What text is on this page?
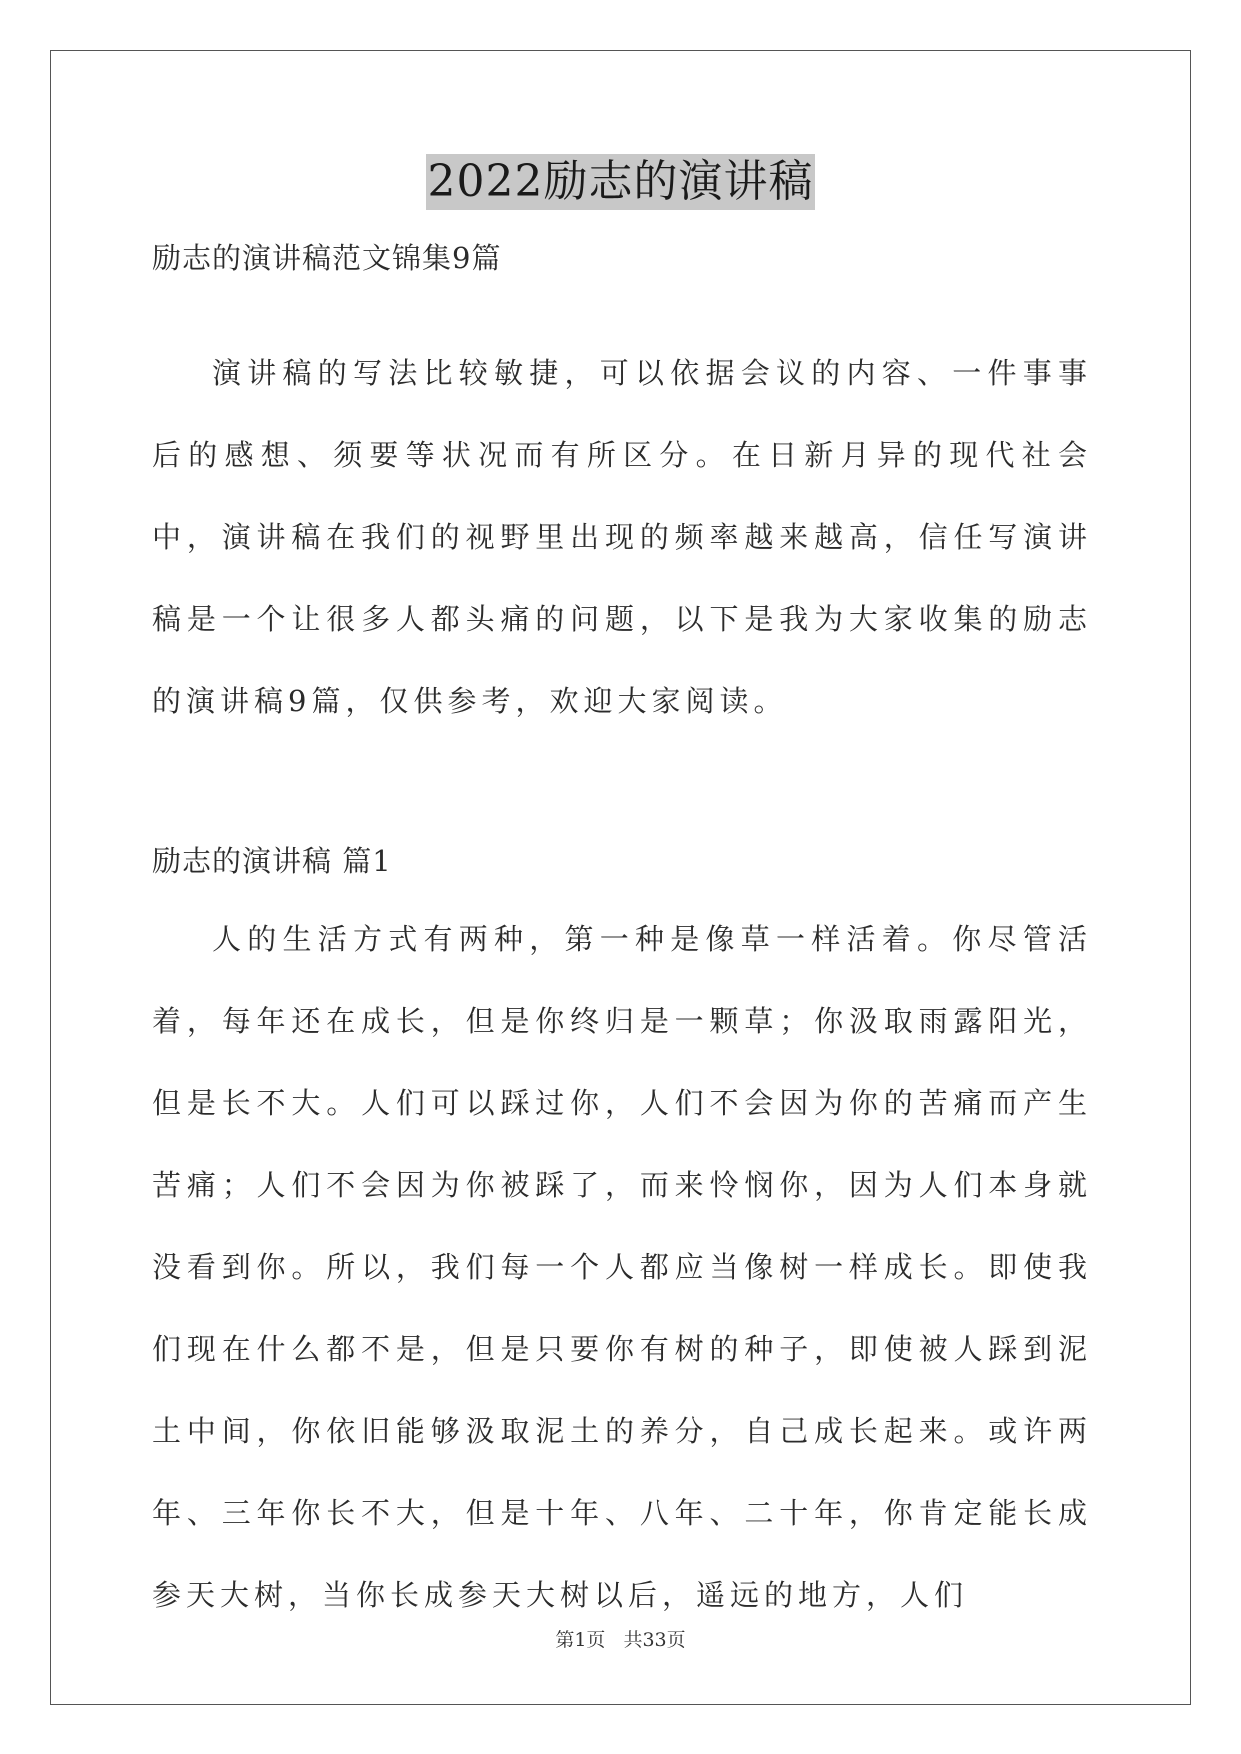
2022励志的演讲稿
励志的演讲稿范文锦集9篇
演讲稿的写法比较敏捷，可以依据会议的内容、一件事事后的感想、须要等状况而有所区分。在日新月异的现代社会中，演讲稿在我们的视野里出现的频率越来越高，信任写演讲稿是一个让很多人都头痛的问题，以下是我为大家收集的励志的演讲稿9篇，仅供参考，欢迎大家阅读。
励志的演讲稿 篇1
人的生活方式有两种，第一种是像草一样活着。你尽管活着，每年还在成长，但是你终归是一颗草；你汲取雨露阳光，但是长不大。人们可以踩过你，人们不会因为你的苦痛而产生苦痛；人们不会因为你被踩了，而来怜悯你，因为人们本身就没看到你。所以，我们每一个人都应当像树一样成长。即使我们现在什么都不是，但是只要你有树的种子，即使被人踩到泥土中间，你依旧能够汲取泥土的养分，自己成长起来。或许两年、三年你长不大，但是十年、八年、二十年，你肯定能长成参天大树，当你长成参天大树以后，遥远的地方，人们
第1页 共33页
